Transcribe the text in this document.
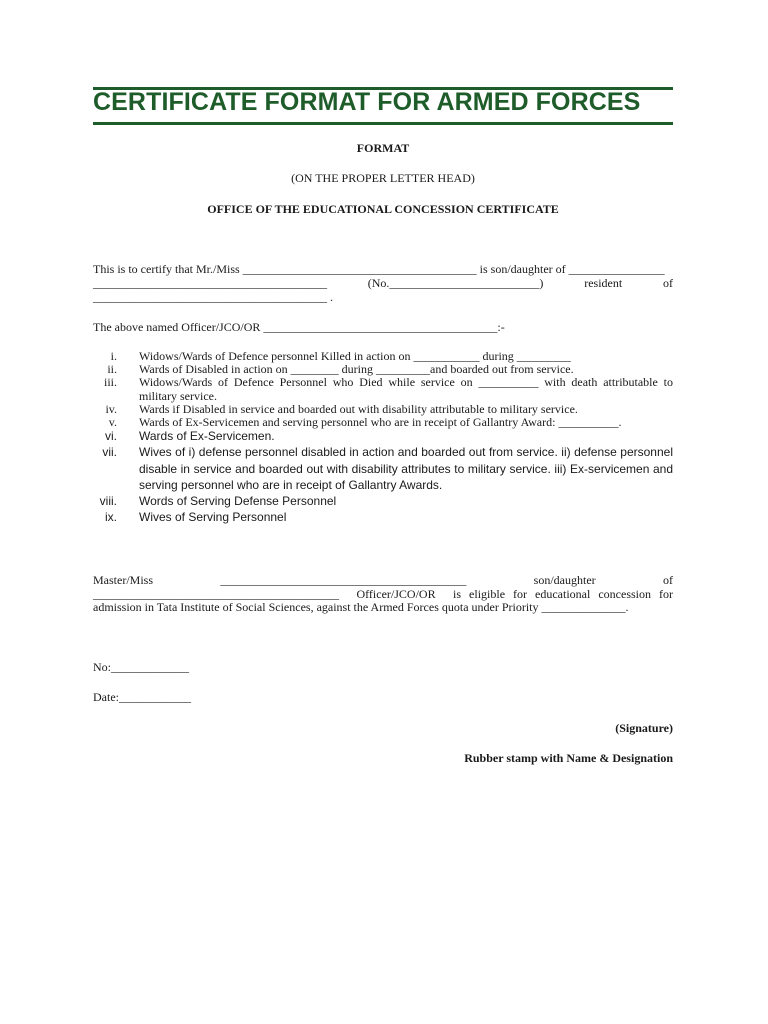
CERTIFICATE FORMAT FOR ARMED FORCES
FORMAT
(ON THE PROPER LETTER HEAD)
OFFICE OF THE EDUCATIONAL CONCESSION CERTIFICATE
This is to certify that Mr./Miss _______________________________________ is son/daughter of ________________
_______________________________________	(No._________________________)	resident	of
_______________________________________ .
The above named Officer/JCO/OR _______________________________________:-
i. Widows/Wards of Defence personnel Killed in action on ___________ during _________
ii. Wards of Disabled in action on ________ during _________and boarded out from service.
iii. Widows/Wards of Defence Personnel who Died while service on __________ with death attributable to military service.
iv. Wards if Disabled in service and boarded out with disability attributable to military service.
v. Wards of Ex-Servicemen and serving personnel who are in receipt of Gallantry Award: __________.
vi. Wards of Ex-Servicemen.
vii. Wives of i) defense personnel disabled in action and boarded out from service. ii) defense personnel disable in service and boarded out with disability attributes to military service. iii) Ex-servicemen and serving personnel who are in receipt of Gallantry Awards.
viii. Words of Serving Defense Personnel
ix. Wives of Serving Personnel
Master/Miss	_________________________________________	son/daughter	of
_________________________________________ Officer/JCO/OR is eligible for educational concession for
admission in Tata Institute of Social Sciences, against the Armed Forces quota under Priority ______________.
No:_____________
Date:____________
(Signature)
Rubber stamp with Name & Designation
